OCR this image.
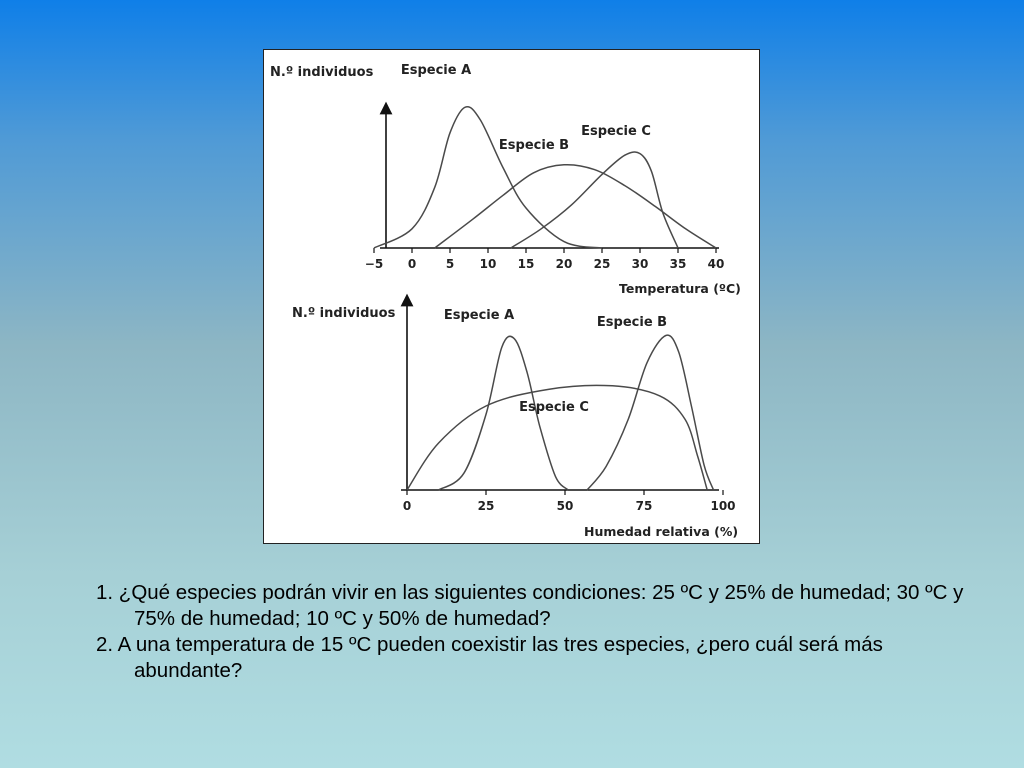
N.º individuos
Temperatura (ºC)
−5 0 5 10 15 20 25 30 35 40
Especie A
Especie B
Especie C
N.º individuos
Humedad relativa (%)
0	25	50	75	100
Especie A	Especie B
Especie C

1. ¿Qué especies podrán vivir en las siguientes condiciones: 25 ºC y 25% de humedad; 30 ºC y 75% de humedad; 10 ºC y 50% de humedad?

2. A una temperatura de 15 ºC pueden coexistir las tres especies, ¿pero cuál será más abundante?
